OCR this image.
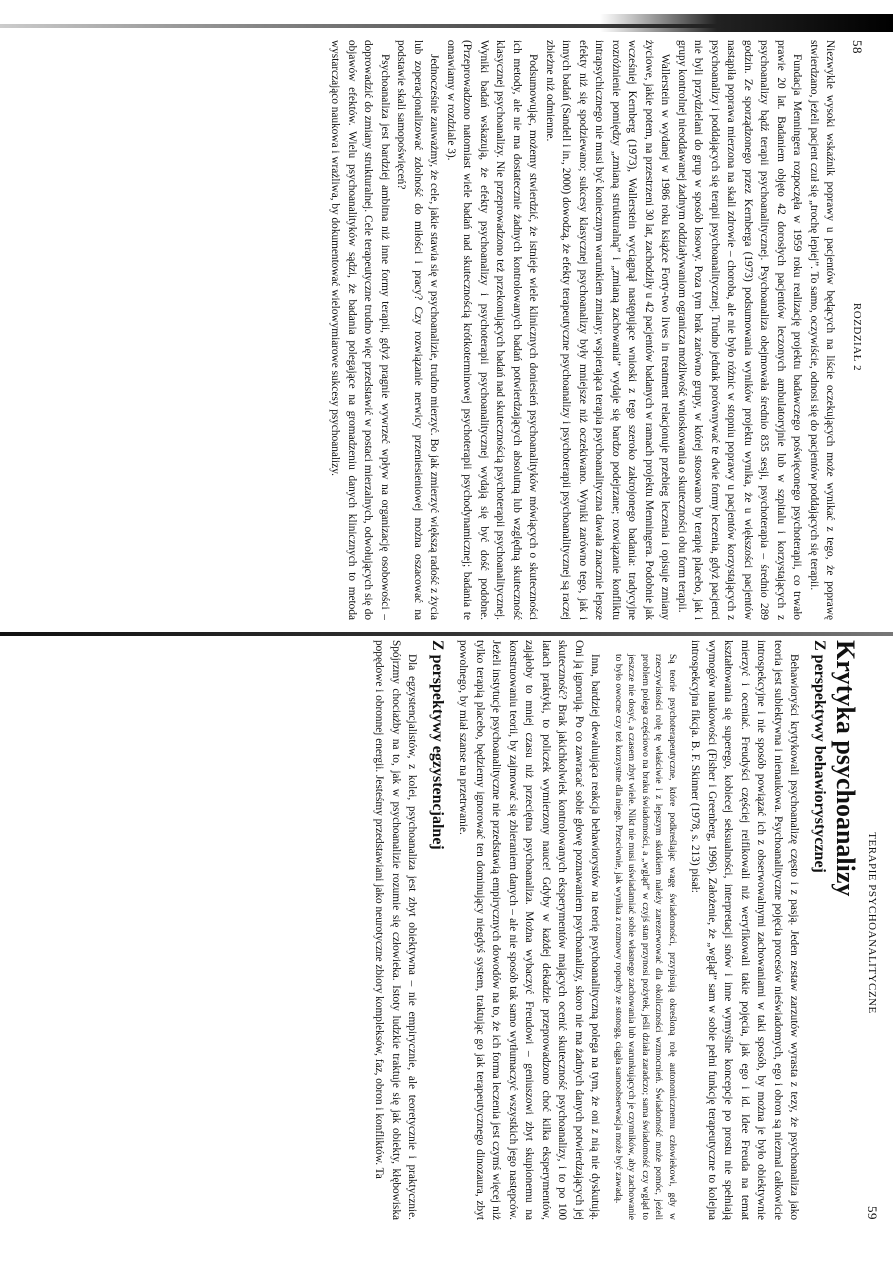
58
ROZDZIAŁ 2

Niezwykle wysoki wskaźnik poprawy u pacjentów będących na liście oczekujących może wynikać z tego, że poprawę stwierdzano, jeżeli pacjent czuł się „trochę lepiej”. To samo, oczywiście, odnosi się do pacjentów poddających się terapii.

Fundacja Menningera rozpoczęła w 1959 roku realizację projektu badawczego poświęconego psychoterapii, co trwało prawie 20 lat. Badaniem objęto 42 dorosłych pacjentów leczonych ambulatoryjnie lub w szpitalu i korzystających z psychoanalizy bądź terapii psychoanalitycznej. Psychoanaliza obejmowała średnio 835 sesji, psychoterapia – średnio 289 godzin. Ze sporządzonego przez Kernberga (1973) podsumowania wyników projektu wynika, że u większości pacjentów nastąpiła poprawa mierzona na skali zdrowie – choroba, ale nie było różnic w stopniu poprawy u pacjentów korzystających z psychoanalizy i poddających się terapii psychoanalitycznej. Trudno jednak porównywać te dwie formy leczenia, gdyż pacjenci nie byli przydzielani do grup w sposób losowy. Poza tym brak zarówno grupy, w której stosowano by terapię placebo, jak i grupy kontrolnej nieoddawanej żadnym oddziaływaniom ogranicza możliwość wnioskowania o skuteczności obu form terapii.

Wallerstein w wydanej w 1986 roku książce Forty-two lives in treatment relacjonuje przebieg leczenia i opisuje zmiany życiowe, jakie potem, na przestrzeni 30 lat, zachodziły u 42 pacjentów badanych w ramach projektu Menningera. Podobnie jak wcześniej Kernberg (1973), Wallerstein wyciągnął następujące wnioski z tego szeroko zakrojonego badania: tradycyjne rozróżnienie pomiędzy „zmianą strukturalną” i „zmianą zachowania” wydaje się bardzo podejrzane; rozwiązanie konfliktu intrapsychicznego nie musi być koniecznym warunkiem zmiany; wspierająca terapia psychoanalityczna dawała znacznie lepsze efekty niż się spodziewano; sukcesy klasycznej psychoanalizy były mniejsze niż oczekiwano. Wyniki zarówno tego, jak i innych badań (Sandell i in., 2000) dowodzą, że efekty terapeutyczne psychoanalizy i psychoterapii psychoanalitycznej są raczej zbieżne niż odmienne.

Podsumowując, możemy stwierdzić, że istnieje wiele klinicznych doniesień psychoanalityków mówiących o skuteczności ich metody, ale nie ma dostatecznie żadnych kontrolowanych badań potwierdzających absolutną lub względną skuteczność klasycznej psychoanalizy. Nie przeprowadzono też przekonujących badań nad skutecznością psychoterapii psychoanalitycznej. Wyniki badań wskazują, że efekty psychoanalizy i psychoterapii psychoanalitycznej wydają się być dość podobne. (Przeprowadzono natomiast wiele badań nad skutecznością krótkoterminowej psychoterapii psychodynamicznej; badania te omawiamy w rozdziale 3).

Jednocześnie zauważmy, że cele, jakie stawia się w psychoanalizie, trudno mierzyć. Bo jak zmierzyć większą radość z życia lub zoperacjonalizować zdolność do miłości i pracy? Czy rozwiązanie nerwicy przeniesieniowej można oszacować na podstawie skali samopoświęceń?

Psychoanaliza jest bardziej ambitna niż inne formy terapii, gdyż pragnie wywrzeć wpływ na organizację osobowości – doprowadzić do zmiany strukturalnej. Cele terapeutyczne trudno więc przedstawić w postaci mierzalnych, odwołujących się do objawów efektów. Wielu psychoanalityków sądzi, że badania polegające na gromadzeniu danych klinicznych to metoda wystarczająco naukowa i wrażliwa, by dokumentować wielowymiarowe sukcesy psychoanalizy.

TERAPIE PSYCHOANALITYCZNE
59
Krytyka psychoanalizy
Z perspektywy behawiorystycznej

Behawioryści krytykowali psychoanalizę często i z pasją. Jeden zestaw zarzutów wyrasta z tezy, że psychoanaliza jako teoria jest subiektywna i nienaukowa. Psychoanalityczne pojęcia procesów nieświadomych, ego i obron są niezmal całkowicie introspekcyjne i nie sposób powiązać ich z obserwowalnymi zachowaniami w taki sposób, by można je było obiektywnie mierzyć i oceniać. Freudyści częściej reifikowali niż weryfikowali takie pojęcia, jak ego i id. Idee Freuda na temat kształtowania się superego, kobiecej seksualności, interpretacji snów i inne wymyślne koncepcje po prostu nie spełniają wymogów naukowości (Fisher i Greenberg, 1996). Założenie, że „wgląd” sam w sobie pełni funkcję terapeutyczne to kolejna introspekcyjna fikcja. B. F. Skinner (1978, s. 213) pisał:

Są teorie psychoterapeutyczne, które podkreślając wagę świadomości, przypisują określoną rolę autonomicznemu człowiekowi, gdy w rzeczywistości rolę tę właściwie i z lepszym skutkiem należy zarezerwować dla okoliczności wzmocnień. Świadomość może pomóc, jeżeli problem polega częściowo na braku świadomości, a „wgląd” w czyjś stan przynosi pożytek, jeśli działa zaradczo; sama świadomość czy wgląd to jeszcze nie dosyć, a czasem zbyt wiele. Nikt nie musi uświadamiać sobie własnego zachowania lub warunkujących je czynników, aby zachowanie to było owocne czy też korzystne dla niego. Przeciwnie, jak wynika z rozmowy ropuchy ze stonogą, ciągła samoobserwacja może być zawadą.

Inna, bardziej dewaluująca reakcja behawiorystów na teorię psychoanalityczną polega na tym, że oni z nią nie dyskutują. Oni ją ignorują. Po co zawracać sobie głowę poznawaniem psychoanalizy, skoro nie ma żadnych danych potwierdzających jej skuteczność? Brak jakichkolwiek kontrolowanych eksperymentów mających ocenić skuteczność psychoanalizy, i to po 100 latach praktyki, to policzek wymierzony nauce! Gdyby w każdej dekadzie przeprowadzono choć kilka eksperymentów, zająłoby to mniej czasu niż przeciętna psychoanaliza. Można wybaczyć Freudowi – geniuszowi zbyt skupionemu na konstruowaniu teorii, by zajmować się zbieraniem danych – ale nie sposób tak samo wytłumaczyć wszystkich jego następców. Jeżeli instytucje psychoanalityczne nie przedstawią empirycznych dowodów na to, że ich forma leczenia jest czymś więcej niż tylko terapią placebo, będziemy ignorować ten dominujący niegdyś system, traktując go jak terapeutycznego dinozaura, zbyt powolnego, by miał szanse na przetrwanie.

Z perspektywy egzystencjalnej

Dla egzystencjalistów, z kolei, psychoanaliza jest zbyt obiektywna – nie empirycznie, ale teoretycznie i praktycznie. Spójrzmy chociażby na to, jak w psychoanalizie rozumie się człowieka. Istoty ludzkie traktuje się jak obiekty, kłębowiska popędowe i obronnej energii. Jesteśmy przedstawiani jako neurotyczne zbiory kompleksów, faz, obron i konfliktów. Ta
